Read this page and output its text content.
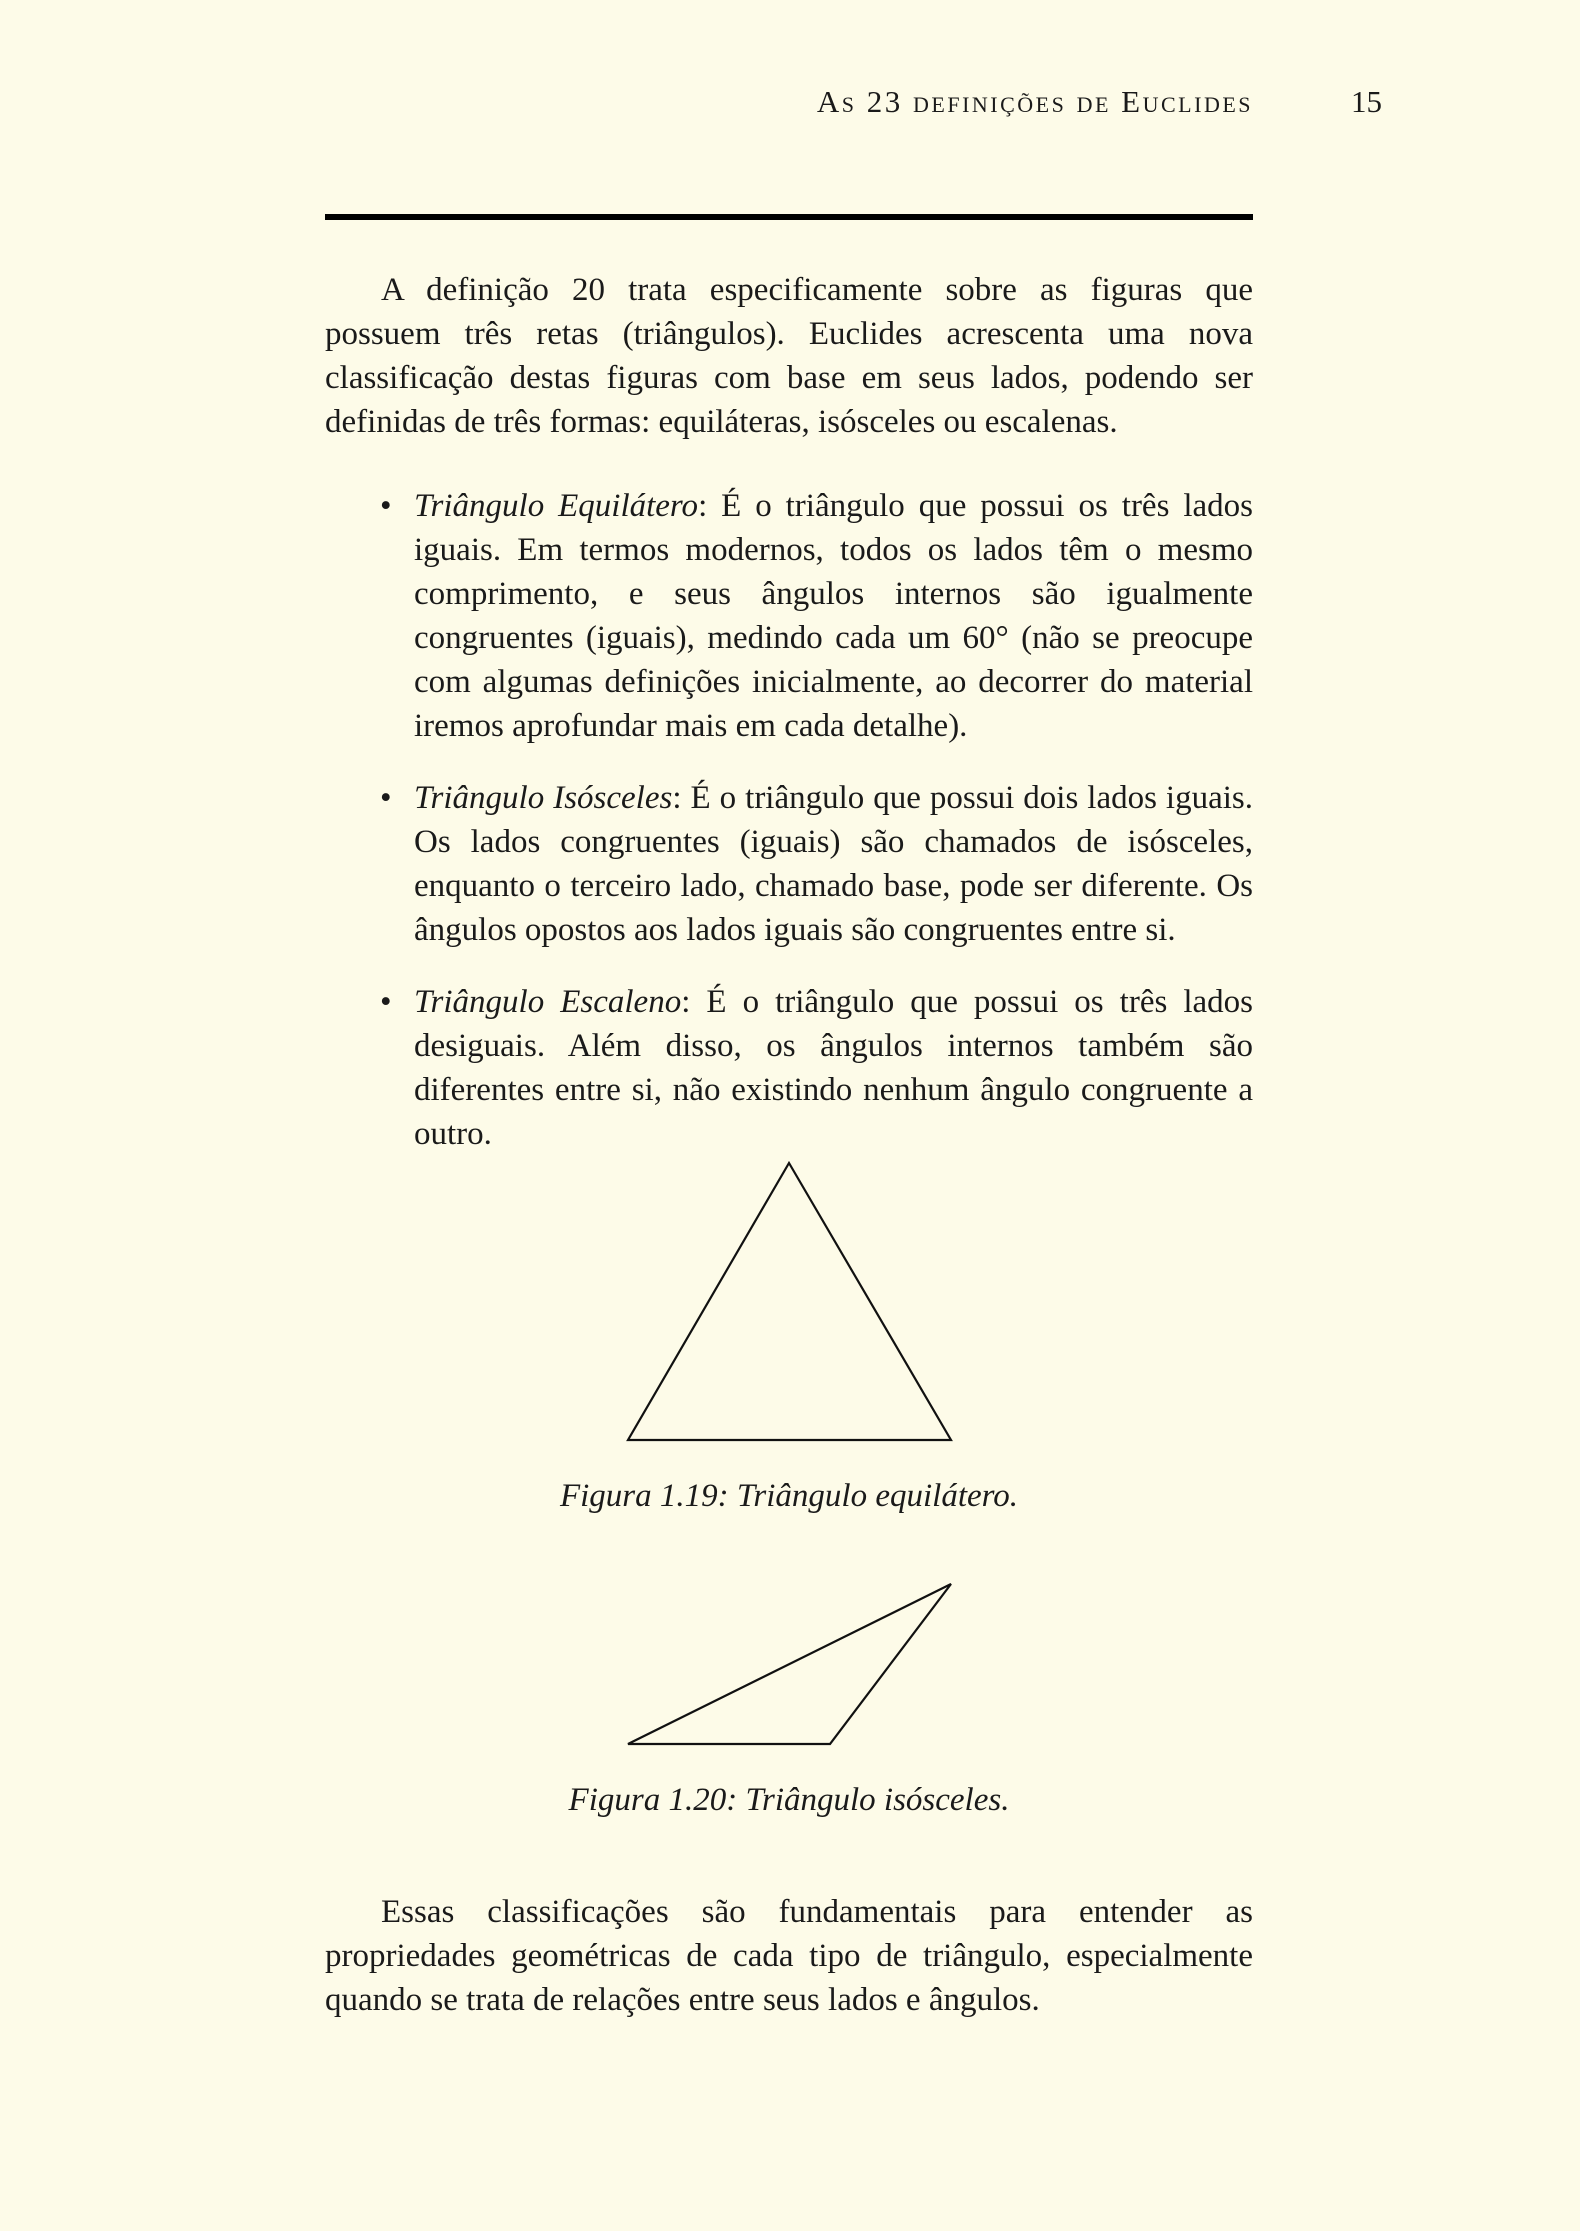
As 23 definições de Euclides	15

A definição 20 trata especificamente sobre as figuras que possuem três retas (triângulos). Euclides acrescenta uma nova classificação destas figuras com base em seus lados, podendo ser definidas de três formas: equiláteras, isósceles ou escalenas.

• Triângulo Equilátero: É o triângulo que possui os três lados iguais. Em termos modernos, todos os lados têm o mesmo comprimento, e seus ângulos internos são igualmente congruentes (iguais), medindo cada um 60° (não se preocupe com algumas definições inicialmente, ao decorrer do material iremos aprofundar mais em cada detalhe).
• Triângulo Isósceles: É o triângulo que possui dois lados iguais. Os lados congruentes (iguais) são chamados de isósceles, enquanto o terceiro lado, chamado base, pode ser diferente. Os ângulos opostos aos lados iguais são congruentes entre si.
• Triângulo Escaleno: É o triângulo que possui os três lados desiguais. Além disso, os ângulos internos também são diferentes entre si, não existindo nenhum ângulo congruente a outro.
Figura 1.19: Triângulo equilátero.
Figura 1.20: Triângulo isósceles.

Essas classificações são fundamentais para entender as propriedades geométricas de cada tipo de triângulo, especialmente quando se trata de relações entre seus lados e ângulos.
